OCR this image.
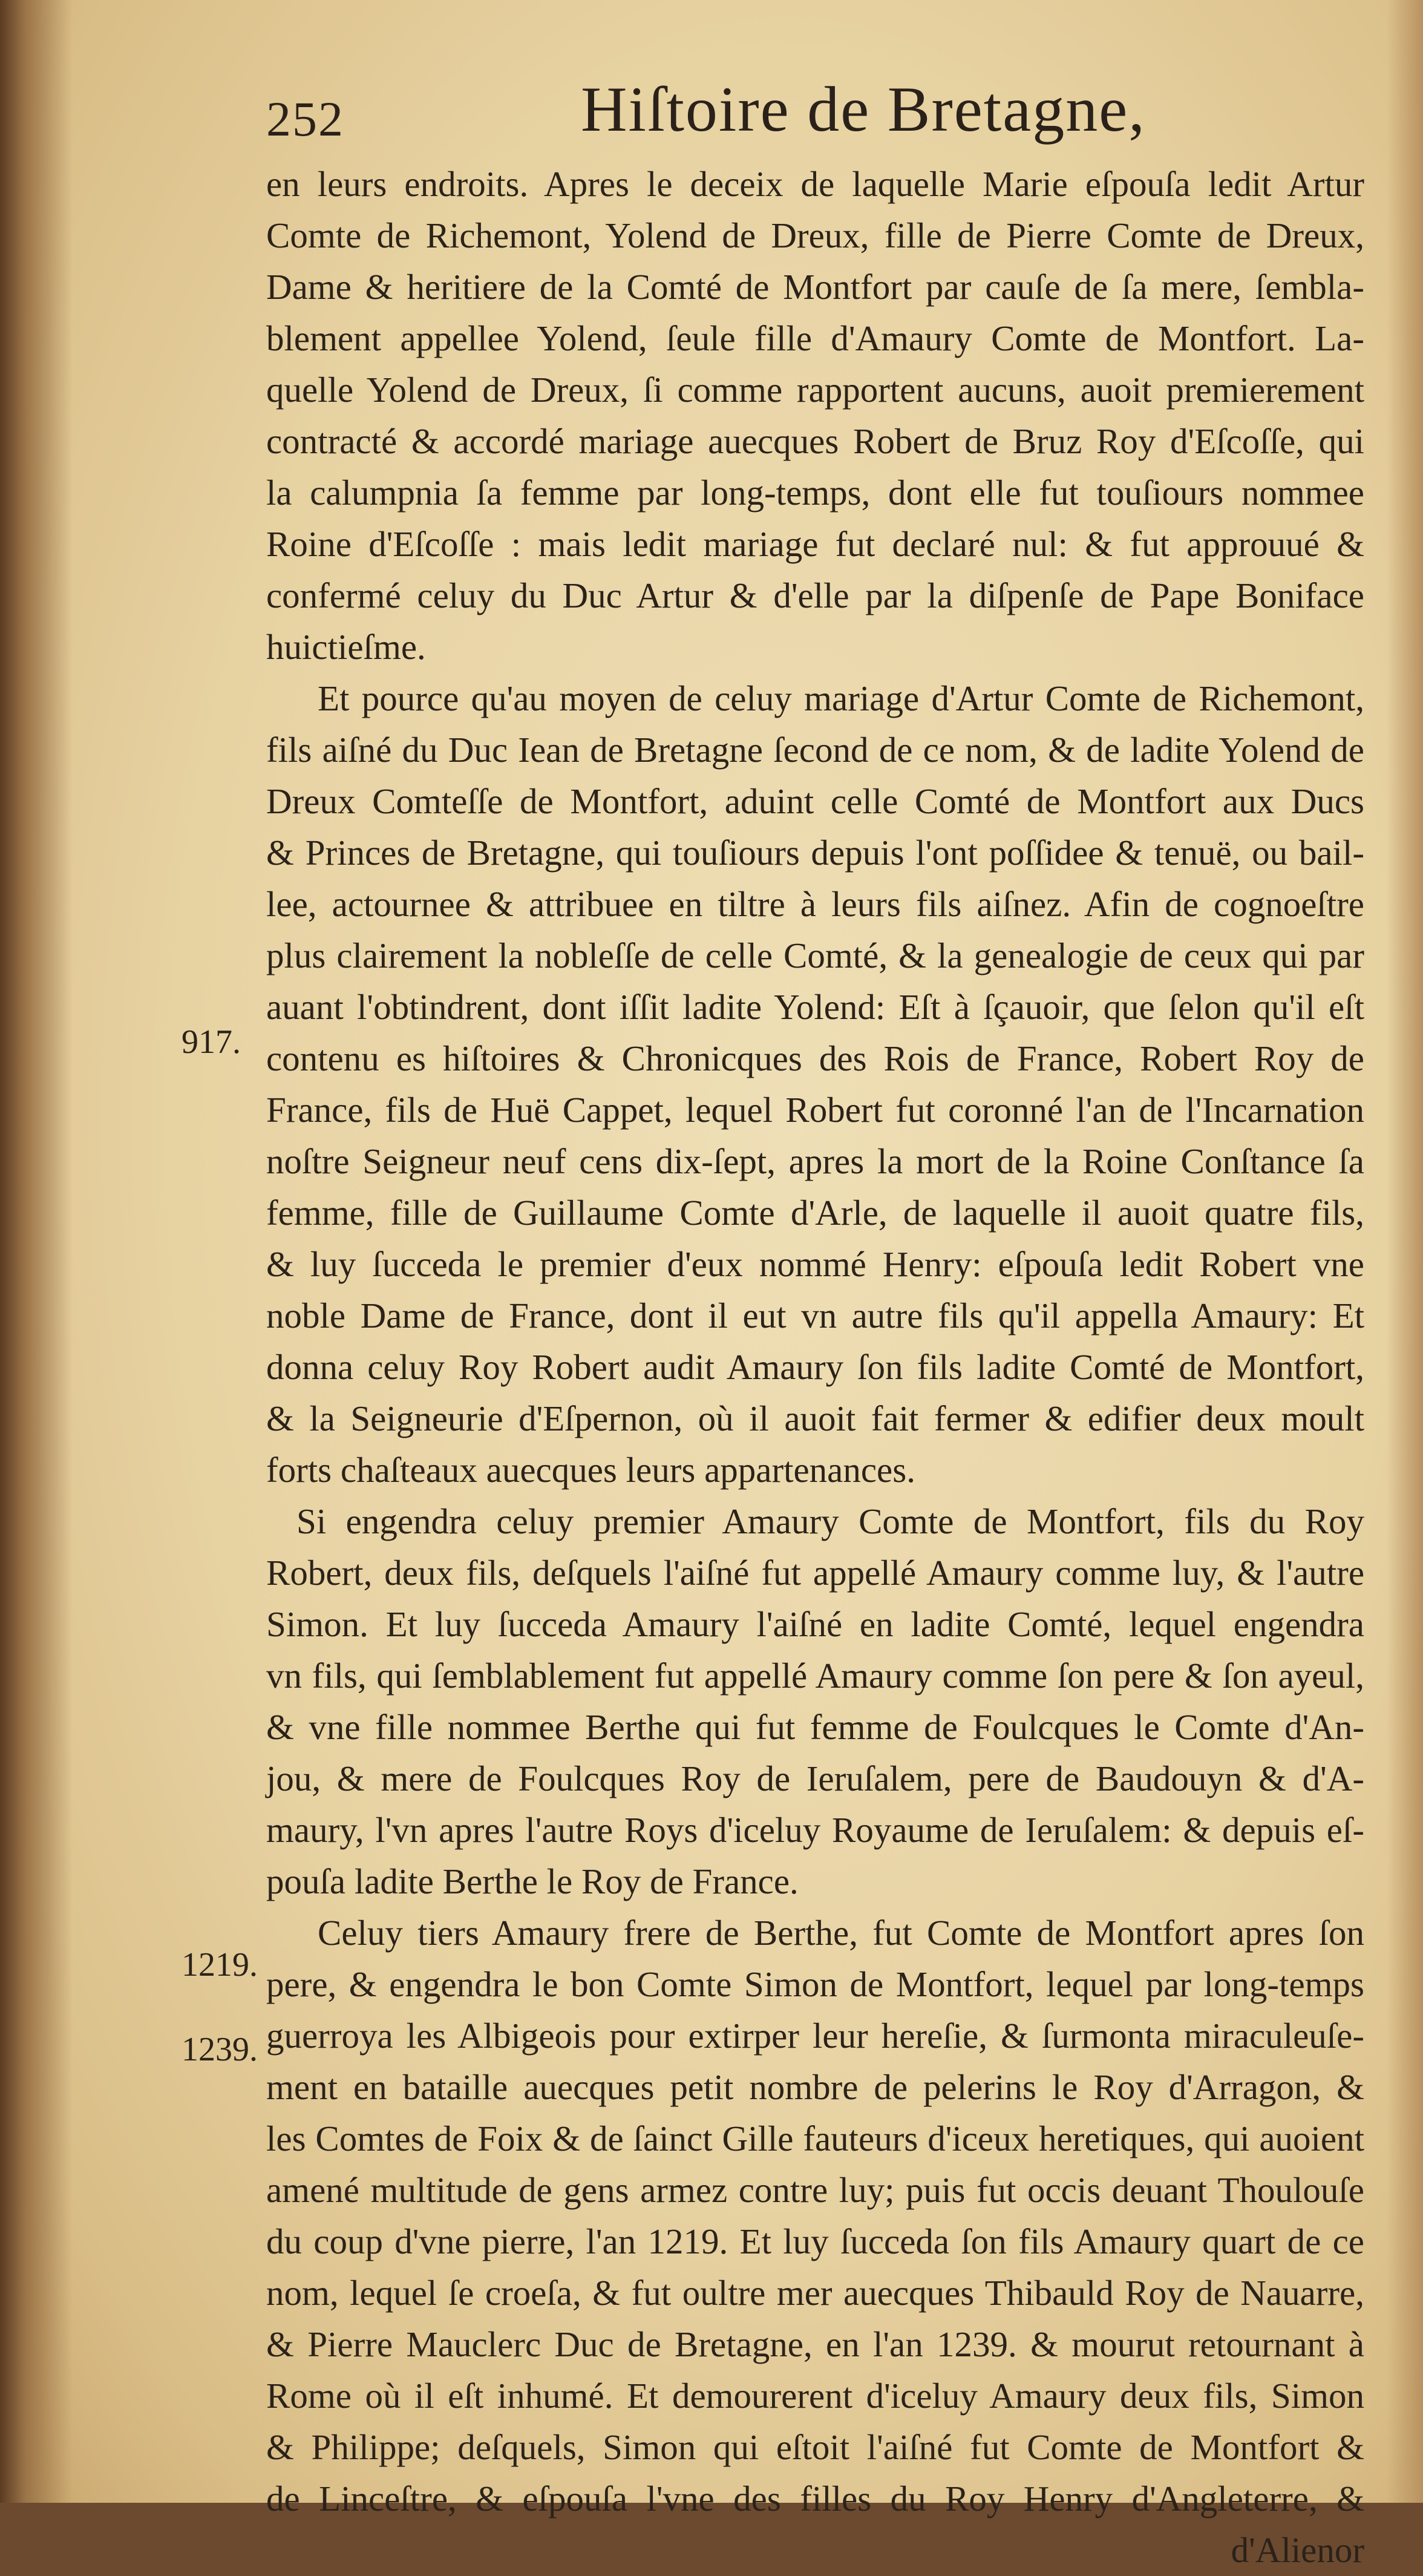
252	Hiſtoire de Bretagne,
917.
1219.
1239.
en leurs endroits. Apres le deceix de laquelle Marie eſpouſa ledit Artur
Comte de Richemont, Yolend de Dreux, fille de Pierre Comte de Dreux,
Dame & heritiere de la Comté de Montfort par cauſe de ſa mere, ſembla-
blement appellee Yolend, ſeule fille d'Amaury Comte de Montfort. La-
quelle Yolend de Dreux, ſi comme rapportent aucuns, auoit premierement
contracté & accordé mariage auecques Robert de Bruz Roy d'Eſcoſſe, qui
la calumpnia ſa femme par long-temps, dont elle fut touſiours nommee
Roine d'Eſcoſſe : mais ledit mariage fut declaré nul: & fut approuué &
confermé celuy du Duc Artur & d'elle par la diſpenſe de Pape Boniface
huictieſme.
Et pource qu'au moyen de celuy mariage d'Artur Comte de Richemont,
fils aiſné du Duc Iean de Bretagne ſecond de ce nom, & de ladite Yolend de
Dreux Comteſſe de Montfort, aduint celle Comté de Montfort aux Ducs
& Princes de Bretagne, qui touſiours depuis l'ont poſſidee & tenuë, ou bail-
lee, actournee & attribuee en tiltre à leurs fils aiſnez. Afin de cognoeſtre
plus clairement la nobleſſe de celle Comté, & la genealogie de ceux qui par
auant l'obtindrent, dont iſſit ladite Yolend: Eſt à ſçauoir, que ſelon qu'il eſt
contenu es hiſtoires & Chronicques des Rois de France, Robert Roy de
France, fils de Huë Cappet, lequel Robert fut coronné l'an de l'Incarnation
noſtre Seigneur neuf cens dix-ſept, apres la mort de la Roine Conſtance ſa
femme, fille de Guillaume Comte d'Arle, de laquelle il auoit quatre fils,
& luy ſucceda le premier d'eux nommé Henry: eſpouſa ledit Robert vne
noble Dame de France, dont il eut vn autre fils qu'il appella Amaury: Et
donna celuy Roy Robert audit Amaury ſon fils ladite Comté de Montfort,
& la Seigneurie d'Eſpernon, où il auoit fait fermer & edifier deux moult
forts chaſteaux auecques leurs appartenances.
Si engendra celuy premier Amaury Comte de Montfort, fils du Roy
Robert, deux fils, deſquels l'aiſné fut appellé Amaury comme luy, & l'autre
Simon. Et luy ſucceda Amaury l'aiſné en ladite Comté, lequel engendra
vn fils, qui ſemblablement fut appellé Amaury comme ſon pere & ſon ayeul,
& vne fille nommee Berthe qui fut femme de Foulcques le Comte d'An-
jou, & mere de Foulcques Roy de Ieruſalem, pere de Baudouyn & d'A-
maury, l'vn apres l'autre Roys d'iceluy Royaume de Ieruſalem: & depuis eſ-
pouſa ladite Berthe le Roy de France.
Celuy tiers Amaury frere de Berthe, fut Comte de Montfort apres ſon
pere, & engendra le bon Comte Simon de Montfort, lequel par long-temps
guerroya les Albigeois pour extirper leur hereſie, & ſurmonta miraculeuſe-
ment en bataille auecques petit nombre de pelerins le Roy d'Arragon, &
les Comtes de Foix & de ſainct Gille fauteurs d'iceux heretiques, qui auoient
amené multitude de gens armez contre luy; puis fut occis deuant Thoulouſe
du coup d'vne pierre, l'an 1219. Et luy ſucceda ſon fils Amaury quart de ce
nom, lequel ſe croeſa, & fut oultre mer auecques Thibauld Roy de Nauarre,
& Pierre Mauclerc Duc de Bretagne, en l'an 1239. & mourut retournant à
Rome où il eſt inhumé. Et demourerent d'iceluy Amaury deux fils, Simon
& Philippe; deſquels, Simon qui eſtoit l'aiſné fut Comte de Montfort &
de Linceſtre, & eſpouſa l'vne des filles du Roy Henry d'Angleterre, &
d'Alienor
